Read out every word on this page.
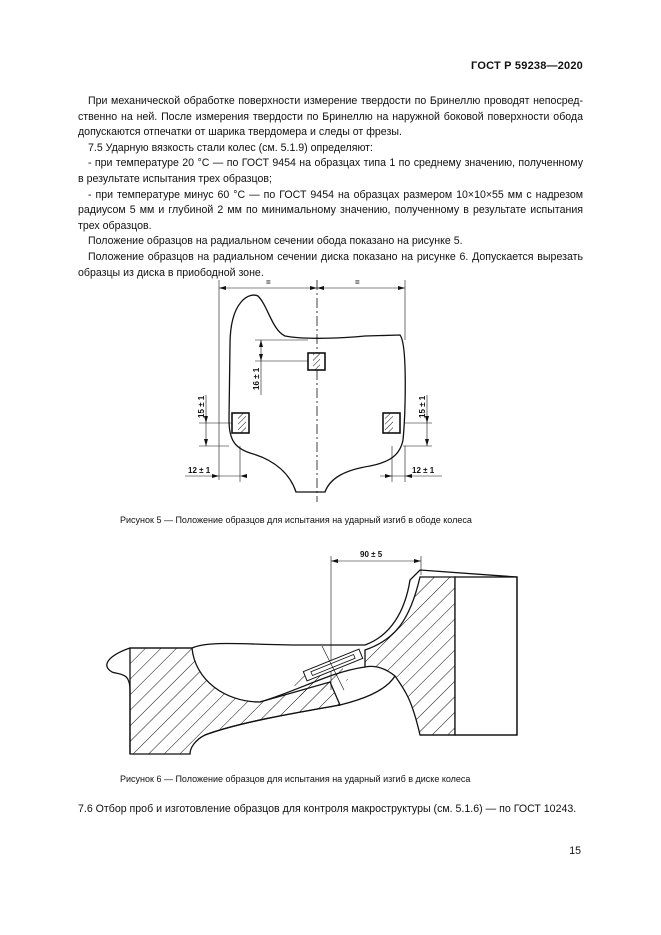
ГОСТ Р 59238—2020

При механической обработке поверхности измерение твердости по Бринеллю проводят непосред-ственно на ней. После измерения твердости по Бринеллю на наружной боковой поверхности обода допускаются отпечатки от шарика твердомера и следы от фрезы.

7.5 Ударную вязкость стали колес (см. 5.1.9) определяют:

- при температуре 20 °С — по ГОСТ 9454 на образцах типа 1 по среднему значению, полученному в результате испытания трех образцов;

- при температуре минус 60 °С — по ГОСТ 9454 на образцах размером 10×10×55 мм с надрезом радиусом 5 мм и глубиной 2 мм по минимальному значению, полученному в результате испытания трех образцов.

Положение образцов на радиальном сечении обода показано на рисунке 5.

Положение образцов на радиальном сечении диска показано на рисунке 6. Допускается вырезать образцы из диска в приободной зоне.

=	=
16 ± 1
15 ± 1
12 ± 1
15 ± 1
12 ± 1
Рисунок 5 — Положение образцов для испытания на ударный изгиб в ободе колеса
90 ± 5
Рисунок 6 — Положение образцов для испытания на ударный изгиб в диске колеса
7.6 Отбор проб и изготовление образцов для контроля макроструктуры (см. 5.1.6) — по ГОСТ 10243.
15
